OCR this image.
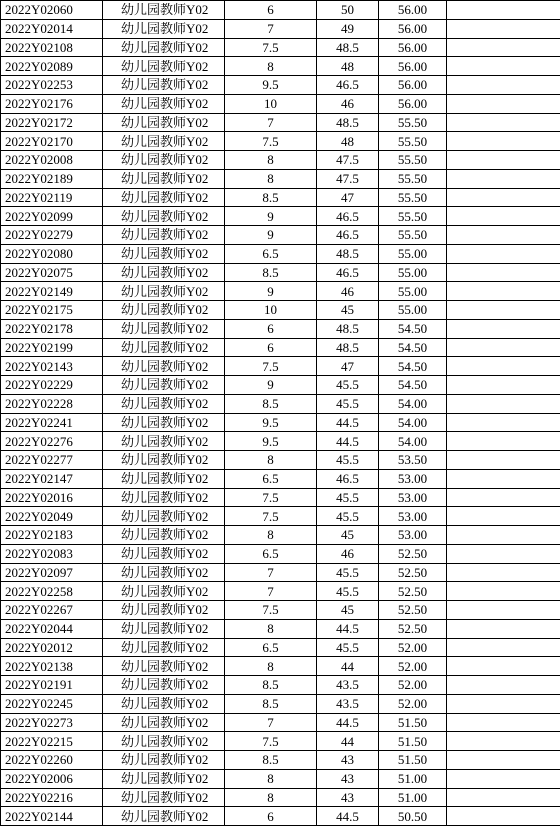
2022Y02060	幼儿园教师Y02	6	50	56.00	
2022Y02014	幼儿园教师Y02	7	49	56.00	
2022Y02108	幼儿园教师Y02	7.5	48.5	56.00	
2022Y02089	幼儿园教师Y02	8	48	56.00	
2022Y02253	幼儿园教师Y02	9.5	46.5	56.00	
2022Y02176	幼儿园教师Y02	10	46	56.00	
2022Y02172	幼儿园教师Y02	7	48.5	55.50	
2022Y02170	幼儿园教师Y02	7.5	48	55.50	
2022Y02008	幼儿园教师Y02	8	47.5	55.50	
2022Y02189	幼儿园教师Y02	8	47.5	55.50	
2022Y02119	幼儿园教师Y02	8.5	47	55.50	
2022Y02099	幼儿园教师Y02	9	46.5	55.50	
2022Y02279	幼儿园教师Y02	9	46.5	55.50	
2022Y02080	幼儿园教师Y02	6.5	48.5	55.00	
2022Y02075	幼儿园教师Y02	8.5	46.5	55.00	
2022Y02149	幼儿园教师Y02	9	46	55.00	
2022Y02175	幼儿园教师Y02	10	45	55.00	
2022Y02178	幼儿园教师Y02	6	48.5	54.50	
2022Y02199	幼儿园教师Y02	6	48.5	54.50	
2022Y02143	幼儿园教师Y02	7.5	47	54.50	
2022Y02229	幼儿园教师Y02	9	45.5	54.50	
2022Y02228	幼儿园教师Y02	8.5	45.5	54.00	
2022Y02241	幼儿园教师Y02	9.5	44.5	54.00	
2022Y02276	幼儿园教师Y02	9.5	44.5	54.00	
2022Y02277	幼儿园教师Y02	8	45.5	53.50	
2022Y02147	幼儿园教师Y02	6.5	46.5	53.00	
2022Y02016	幼儿园教师Y02	7.5	45.5	53.00	
2022Y02049	幼儿园教师Y02	7.5	45.5	53.00	
2022Y02183	幼儿园教师Y02	8	45	53.00	
2022Y02083	幼儿园教师Y02	6.5	46	52.50	
2022Y02097	幼儿园教师Y02	7	45.5	52.50	
2022Y02258	幼儿园教师Y02	7	45.5	52.50	
2022Y02267	幼儿园教师Y02	7.5	45	52.50	
2022Y02044	幼儿园教师Y02	8	44.5	52.50	
2022Y02012	幼儿园教师Y02	6.5	45.5	52.00	
2022Y02138	幼儿园教师Y02	8	44	52.00	
2022Y02191	幼儿园教师Y02	8.5	43.5	52.00	
2022Y02245	幼儿园教师Y02	8.5	43.5	52.00	
2022Y02273	幼儿园教师Y02	7	44.5	51.50	
2022Y02215	幼儿园教师Y02	7.5	44	51.50	
2022Y02260	幼儿园教师Y02	8.5	43	51.50	
2022Y02006	幼儿园教师Y02	8	43	51.00	
2022Y02216	幼儿园教师Y02	8	43	51.00	
2022Y02144	幼儿园教师Y02	6	44.5	50.50	
